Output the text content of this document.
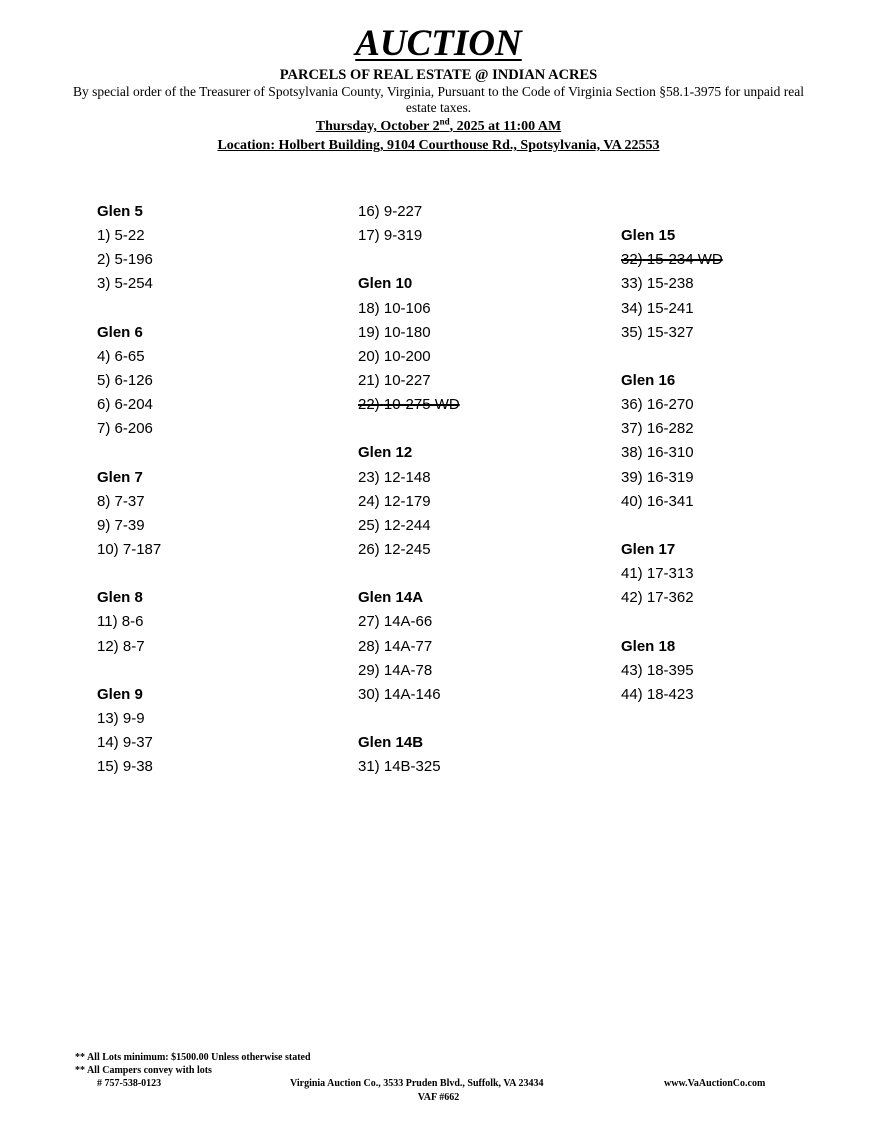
AUCTION
PARCELS OF REAL ESTATE @ INDIAN ACRES
By special order of the Treasurer of Spotsylvania County, Virginia, Pursuant to the Code of Virginia Section §58.1-3975 for unpaid real estate taxes.
Thursday, October 2nd, 2025 at 11:00 AM
Location: Holbert Building, 9104 Courthouse Rd., Spotsylvania, VA 22553
Glen 5
1) 5-22
2) 5-196
3) 5-254
Glen 6
4) 6-65
5) 6-126
6) 6-204
7) 6-206
Glen 7
8) 7-37
9) 7-39
10) 7-187
Glen 8
11) 8-6
12) 8-7
Glen 9
13) 9-9
14) 9-37
15) 9-38
16) 9-227
17) 9-319
Glen 10
18) 10-106
19) 10-180
20) 10-200
21) 10-227
22) 10-275 WD
Glen 12
23) 12-148
24) 12-179
25) 12-244
26) 12-245
Glen 14A
27) 14A-66
28) 14A-77
29) 14A-78
30) 14A-146
Glen 14B
31) 14B-325
Glen 15
32) 15-234 WD
33) 15-238
34) 15-241
35) 15-327
Glen 16
36) 16-270
37) 16-282
38) 16-310
39) 16-319
40) 16-341
Glen 17
41) 17-313
42) 17-362
Glen 18
43) 18-395
44) 18-423
** All Lots minimum: $1500.00 Unless otherwise stated
** All Campers convey with lots
# 757-538-0123	Virginia Auction Co., 3533 Pruden Blvd., Suffolk, VA 23434	www.VaAuctionCo.com
VAF #662
